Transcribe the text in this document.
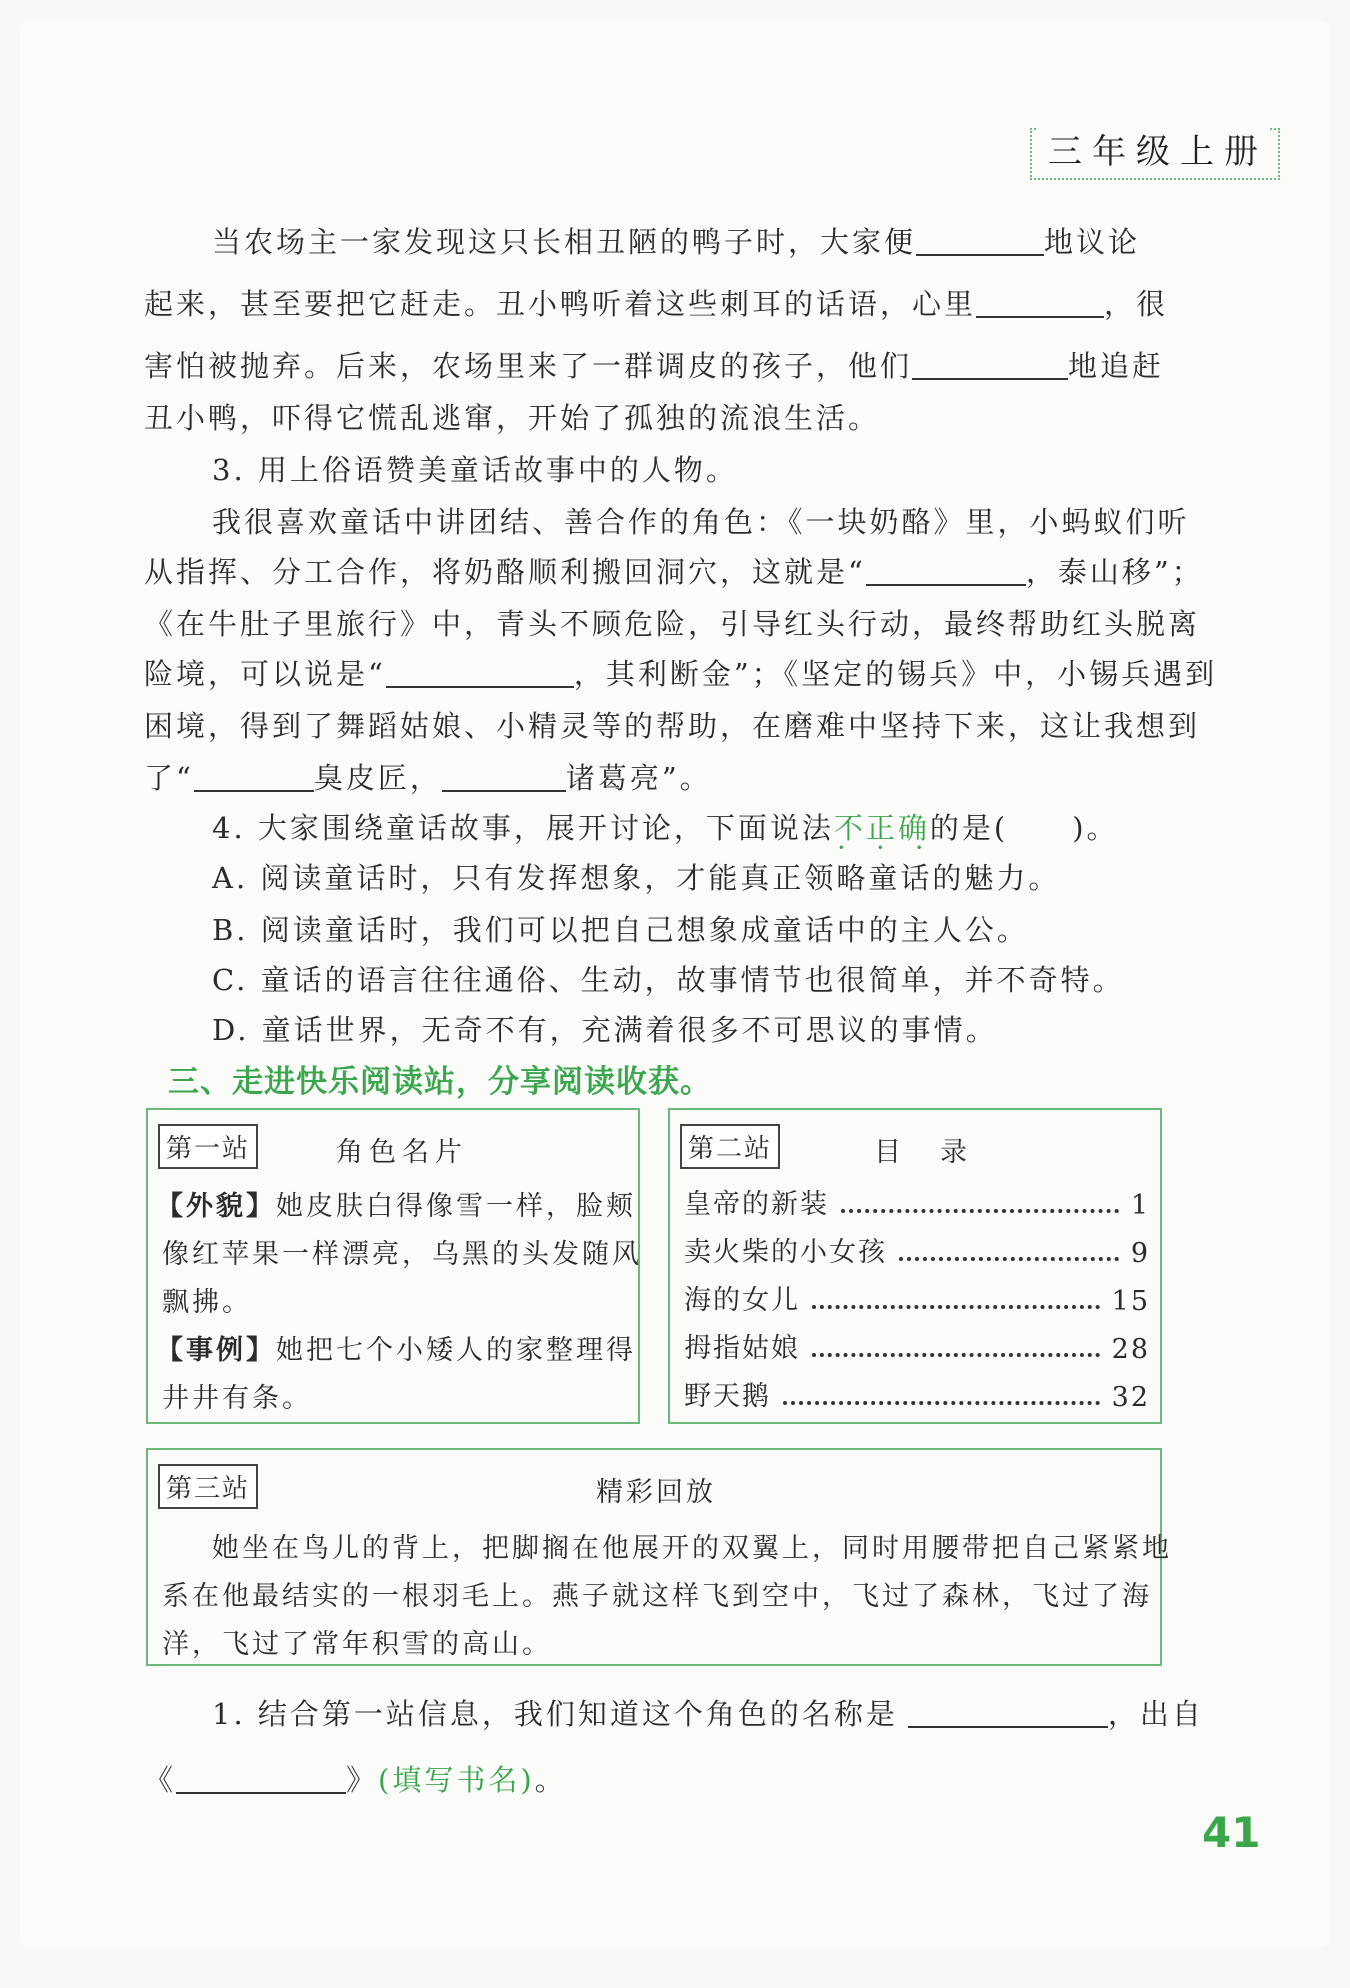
三年级上册
当农场主一家发现这只长相丑陋的鸭子时，大家便	地议论
起来，甚至要把它赶走。丑小鸭听着这些刺耳的话语，心里	，很
害怕被抛弃。后来，农场里来了一群调皮的孩子，他们	地追赶
丑小鸭，吓得它慌乱逃窜，开始了孤独的流浪生活。
3. 用上俗语赞美童话故事中的人物。
我很喜欢童话中讲团结、善合作的角色：《一块奶酪》里，小蚂蚁们听
从指挥、分工合作，将奶酪顺利搬回洞穴，这就是“	，泰山移”；
《在牛肚子里旅行》中，青头不顾危险，引导红头行动，最终帮助红头脱离
险境，可以说是“	，其利断金”；《坚定的锡兵》中，小锡兵遇到
困境，得到了舞蹈姑娘、小精灵等的帮助，在磨难中坚持下来，这让我想到
了“	臭皮匠，	诸葛亮”。
4. 大家围绕童话故事，展开讨论，下面说法不正确 • • •的是(　　)。
A. 阅读童话时，只有发挥想象，才能真正领略童话的魅力。
B. 阅读童话时，我们可以把自己想象成童话中的主人公。
C. 童话的语言往往通俗、生动，故事情节也很简单，并不奇特。
D. 童话世界，无奇不有，充满着很多不可思议的事情。
三、走进快乐阅读站，分享阅读收获。
第一站	角色名片
【外貌】她皮肤白得像雪一样，脸颊
像红苹果一样漂亮，乌黑的头发随风
飘拂。
【事例】她把七个小矮人的家整理得
井井有条。
第二站	目　录
皇帝的新装	1
卖火柴的小女孩	9
海的女儿	15
拇指姑娘	28
野天鹅	32
第三站	精彩回放
她坐在鸟儿的背上，把脚搁在他展开的双翼上，同时用腰带把自己紧紧地
系在他最结实的一根羽毛上。燕子就这样飞到空中，飞过了森林，飞过了海
洋，飞过了常年积雪的高山。
1. 结合第一站信息，我们知道这个角色的名称是	，出自
《	》(填写书名)。
41
